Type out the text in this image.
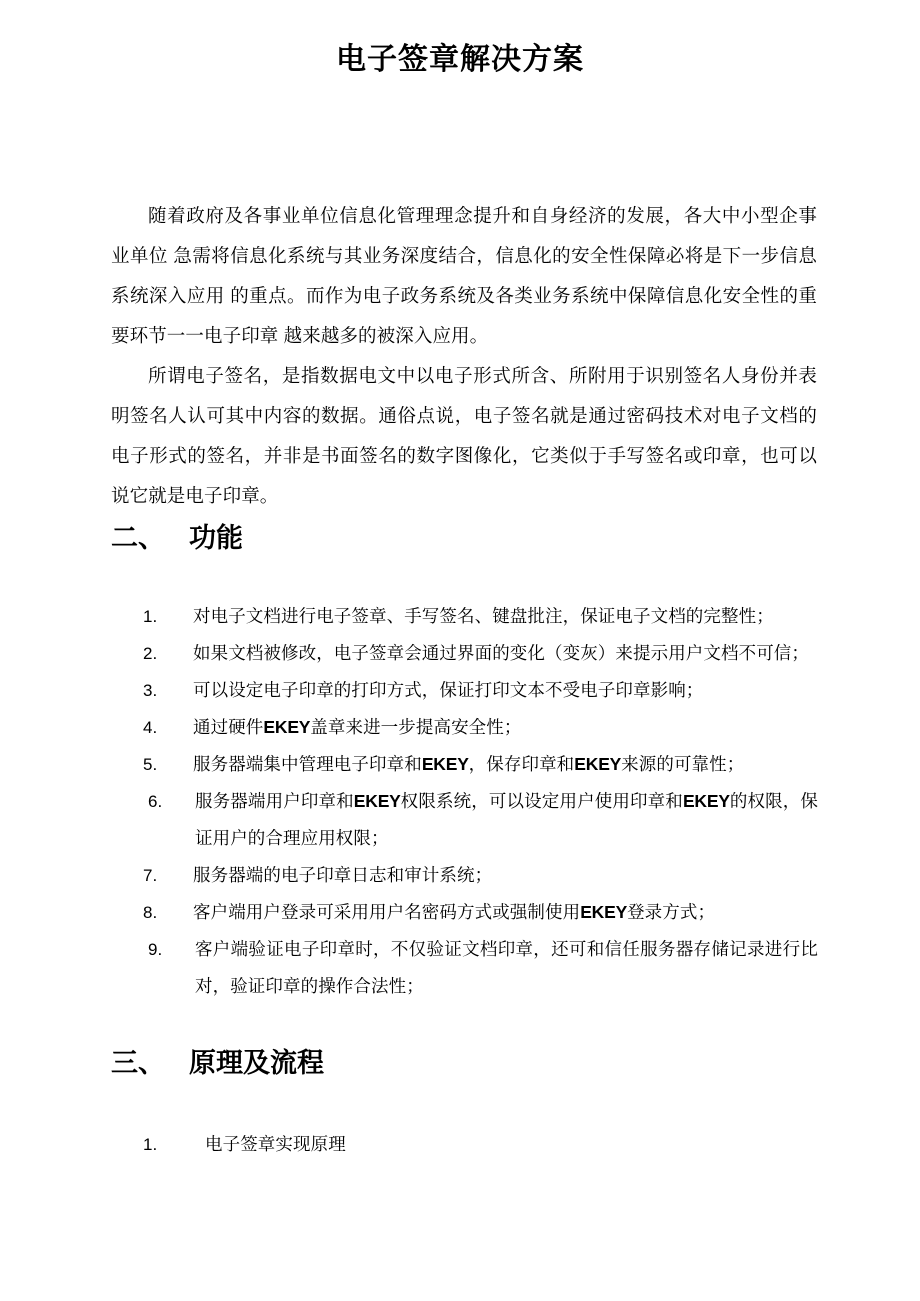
电子签章解决方案

随着政府及各事业单位信息化管理理念提升和自身经济的发展，各大中小型企事业单位 急需将信息化系统与其业务深度结合，信息化的安全性保障必将是下一步信息系统深入应用 的重点。而作为电子政务系统及各类业务系统中保障信息化安全性的重要环节一一电子印章 越来越多的被深入应用。

所谓电子签名，是指数据电文中以电子形式所含、所附用于识别签名人身份并表 明签名人认可其中内容的数据。通俗点说，电子签名就是通过密码技术对电子文档的 电子形式的签名，并非是书面签名的数字图像化，它类似于手写签名或印章，也可以 说它就是电子印章。

二、 功能
1.	对电子文档进行电子签章、手写签名、键盘批注，保证电子文档的完整性；
2.	如果文档被修改，电子签章会通过界面的变化（变灰）来提示用户文档不可信；
3.	可以设定电子印章的打印方式，保证打印文本不受电子印章影响；
4.	通过硬件EKEY盖章来进一步提高安全性；
5.	服务器端集中管理电子印章和EKEY，保存印章和EKEY来源的可靠性；
6.	服务器端用户印章和EKEY权限系统，可以设定用户使用印章和EKEY的权限，保 证用户的合理应用权限；
7.	服务器端的电子印章日志和审计系统；
8.	客户端用户登录可采用用户名密码方式或强制使用EKEY登录方式；
9.	客户端验证电子印章时，不仅验证文档印章，还可和信任服务器存储记录进行比对，验证印章的操作合法性；
三、 原理及流程
1.	电子签章实现原理
